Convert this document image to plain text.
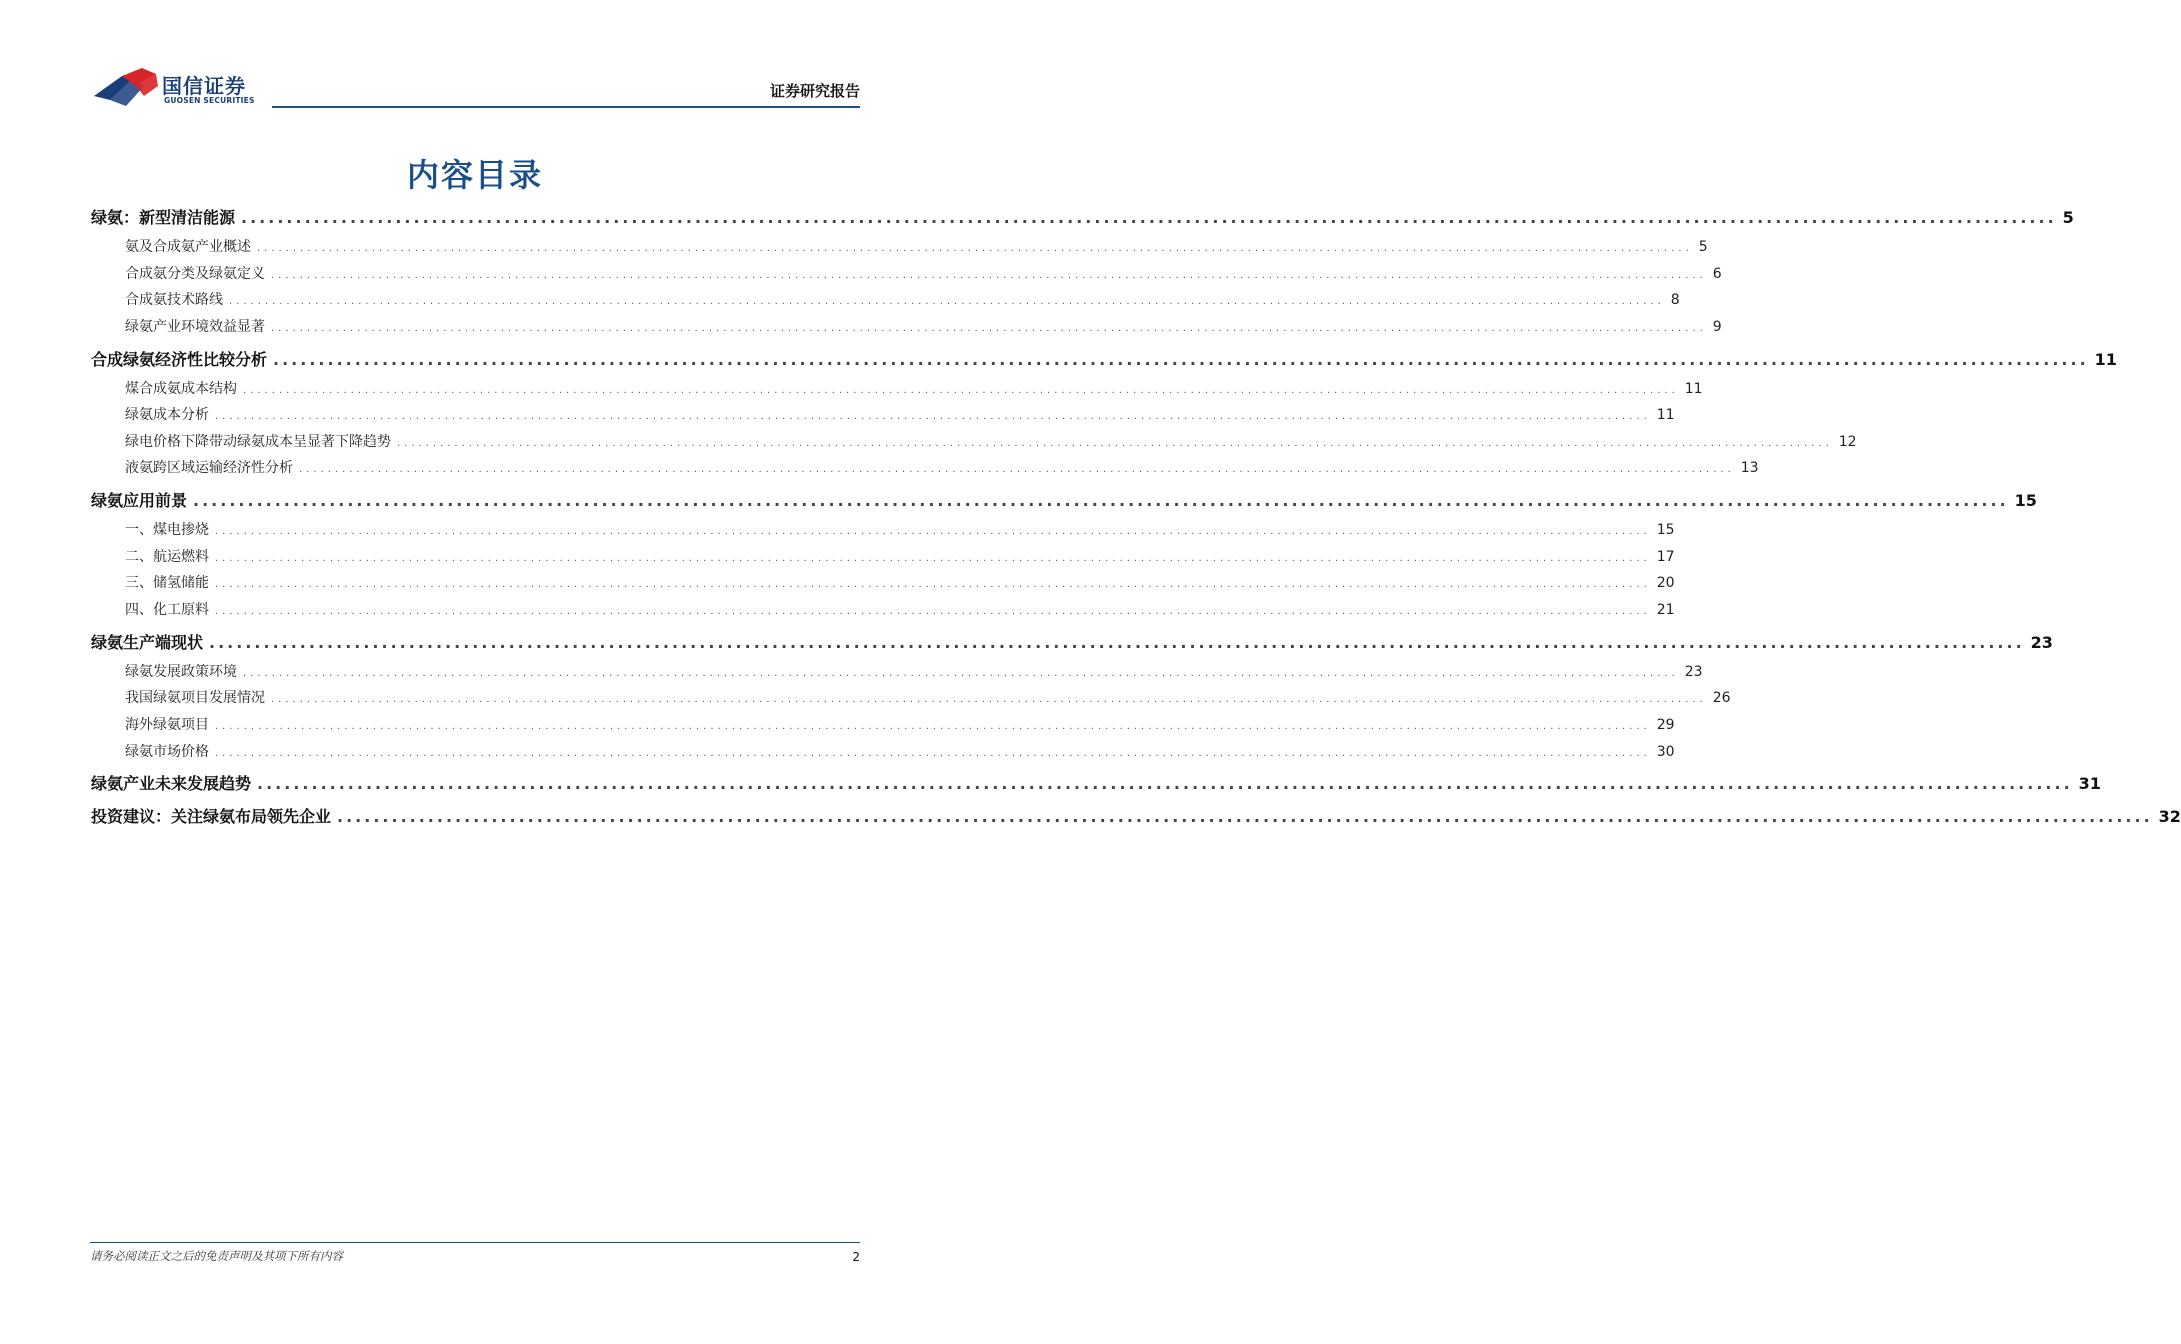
国信证券
GUOSEN SECURITIES
证券研究报告
内容目录
绿氨：新型清洁能源 ........................................................................................................................................................................................................ 5
氨及合成氨产业概述 ........................................................................................................................................................................................................ 5
合成氨分类及绿氨定义 ........................................................................................................................................................................................................ 6
合成氨技术路线 ........................................................................................................................................................................................................ 8
绿氨产业环境效益显著 ........................................................................................................................................................................................................ 9
合成绿氨经济性比较分析 ........................................................................................................................................................................................................ 11
煤合成氨成本结构 ........................................................................................................................................................................................................ 11
绿氨成本分析 ........................................................................................................................................................................................................ 11
绿电价格下降带动绿氨成本呈显著下降趋势 ........................................................................................................................................................................................................ 12
液氨跨区域运输经济性分析 ........................................................................................................................................................................................................ 13
绿氨应用前景 ........................................................................................................................................................................................................ 15
一、煤电掺烧 ........................................................................................................................................................................................................ 15
二、航运燃料 ........................................................................................................................................................................................................ 17
三、储氢储能 ........................................................................................................................................................................................................ 20
四、化工原料 ........................................................................................................................................................................................................ 21
绿氨生产端现状 ........................................................................................................................................................................................................ 23
绿氨发展政策环境 ........................................................................................................................................................................................................ 23
我国绿氨项目发展情况 ........................................................................................................................................................................................................ 26
海外绿氨项目 ........................................................................................................................................................................................................ 29
绿氨市场价格 ........................................................................................................................................................................................................ 30
绿氨产业未来发展趋势 ........................................................................................................................................................................................................ 31
投资建议：关注绿氨布局领先企业 ........................................................................................................................................................................................................ 32
请务必阅读正文之后的免责声明及其项下所有内容	2
